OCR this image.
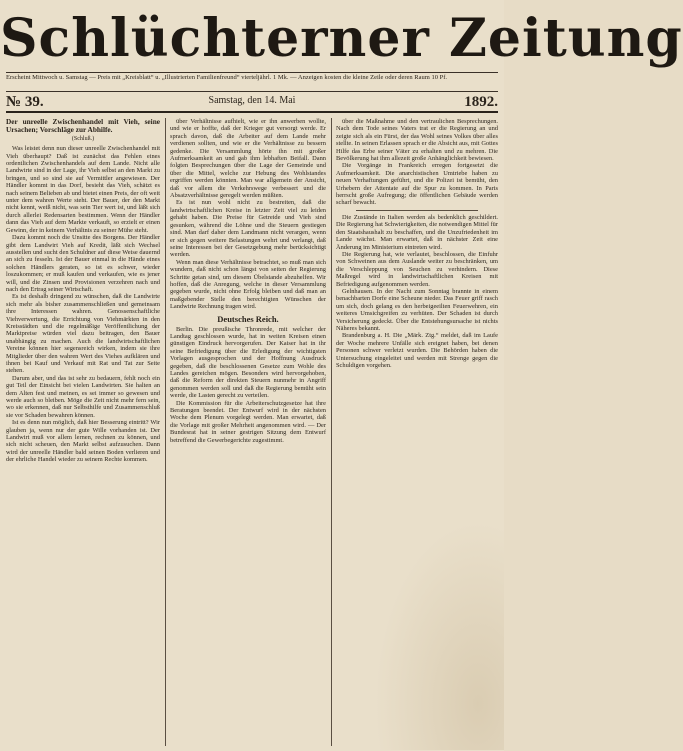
Schlüchterner Zeitung
Erscheint Mittwoch u. Samstag — Preis mit „Kreisblatt“ u. „Illustrierten Familienfreund“ vierteljährl. 1 Mk. — Anzeigen kosten die kleine Zeile oder deren Raum 10 Pf.
№ 39.	Samstag, den 14. Mai	1892.
Der unreelle Zwischenhandel mit Vieh, seine Ursachen; Vorschläge zur Abhilfe.
(Schluß.)

Was leistet denn nun dieser unreelle Zwischenhandel mit Vieh überhaupt? Daß ist zunächst das Fehlen eines ordentlichen Zwischenhandels auf dem Lande. Nicht alle Landwirte sind in der Lage, ihr Vieh selbst an den Markt zu bringen, und so sind sie auf Vermittler angewiesen. Der Händler kommt in das Dorf, besieht das Vieh, schätzt es nach seinem Belieben ab und bietet einen Preis, der oft weit unter dem wahren Werte steht. Der Bauer, der den Markt nicht kennt, weiß nicht, was sein Tier wert ist, und läßt sich durch allerlei Redensarten bestimmen. Wenn der Händler dann das Vieh auf dem Markte verkauft, so erzielt er einen Gewinn, der in keinem Verhältnis zu seiner Mühe steht.

Dazu kommt noch die Unsitte des Borgens. Der Händler gibt dem Landwirt Vieh auf Kredit, läßt sich Wechsel ausstellen und sucht den Schuldner auf diese Weise dauernd an sich zu fesseln. Ist der Bauer einmal in die Hände eines solchen Händlers geraten, so ist es schwer, wieder loszukommen; er muß kaufen und verkaufen, wie es jener will, und die Zinsen und Provisionen verzehren nach und nach den Ertrag seiner Wirtschaft.

Es ist deshalb dringend zu wünschen, daß die Landwirte sich mehr als bisher zusammenschließen und gemeinsam ihre Interessen wahren. Genossenschaftliche Viehverwertung, die Errichtung von Viehmärkten in den Kreisstädten und die regelmäßige Veröffentlichung der Marktpreise würden viel dazu beitragen, den Bauer unabhängig zu machen. Auch die landwirtschaftlichen Vereine können hier segensreich wirken, indem sie ihre Mitglieder über den wahren Wert des Viehes aufklären und ihnen bei Kauf und Verkauf mit Rat und Tat zur Seite stehen.

Darum aber, und das ist sehr zu bedauern, fehlt noch ein gut Teil der Einsicht bei vielen Landwirten. Sie halten an dem Alten fest und meinen, es sei immer so gewesen und werde auch so bleiben. Möge die Zeit nicht mehr fern sein, wo sie erkennen, daß nur Selbsthilfe und Zusammenschluß sie vor Schaden bewahren können.

Ist es denn nun möglich, daß hier Besserung eintritt? Wir glauben ja, wenn nur der gute Wille vorhanden ist. Der Landwirt muß vor allem lernen, rechnen zu können, und sich nicht scheuen, den Markt selbst aufzusuchen. Dann wird der unreelle Händler bald seinen Boden verlieren und der ehrliche Handel wieder zu seinem Rechte kommen.

über Verhältnisse aufhielt, wie er ihn anwerben wollte, und wie er hoffte, daß der Krieger gut versorgt werde. Er sprach davon, daß die Arbeiter auf dem Lande mehr verdienen sollten, und wie er die Verhältnisse zu bessern gedenke. Die Versammlung hörte ihn mit großer Aufmerksamkeit an und gab ihm lebhaften Beifall. Dann folgten Besprechungen über die Lage der Gemeinde und über die Mittel, welche zur Hebung des Wohlstandes ergriffen werden könnten. Man war allgemein der Ansicht, daß vor allem die Verkehrswege verbessert und die Absatzverhältnisse geregelt werden müßten.

Es ist nun wohl nicht zu bestreiten, daß die landwirtschaftlichen Kreise in letzter Zeit viel zu leiden gehabt haben. Die Preise für Getreide und Vieh sind gesunken, während die Löhne und die Steuern gestiegen sind. Man darf daher dem Landmann nicht verargen, wenn er sich gegen weitere Belastungen wehrt und verlangt, daß seine Interessen bei der Gesetzgebung mehr berücksichtigt werden.

Wenn man diese Verhältnisse betrachtet, so muß man sich wundern, daß nicht schon längst von seiten der Regierung Schritte getan sind, um diesem Übelstande abzuhelfen. Wir hoffen, daß die Anregung, welche in dieser Versammlung gegeben wurde, nicht ohne Erfolg bleiben und daß man an maßgebender Stelle den berechtigten Wünschen der Landwirte Rechnung tragen wird.

Deutsches Reich.

Berlin. Die preußische Thronrede, mit welcher der Landtag geschlossen wurde, hat in weiten Kreisen einen günstigen Eindruck hervorgerufen. Der Kaiser hat in ihr seine Befriedigung über die Erledigung der wichtigsten Vorlagen ausgesprochen und der Hoffnung Ausdruck gegeben, daß die beschlossenen Gesetze zum Wohle des Landes gereichen mögen. Besonders wird hervorgehoben, daß die Reform der direkten Steuern nunmehr in Angriff genommen werden soll und daß die Regierung bemüht sein werde, die Lasten gerecht zu verteilen.

Die Kommission für die Arbeiterschutzgesetze hat ihre Beratungen beendet. Der Entwurf wird in der nächsten Woche dem Plenum vorgelegt werden. Man erwartet, daß die Vorlage mit großer Mehrheit angenommen wird. — Der Bundesrat hat in seiner gestrigen Sitzung dem Entwurf betreffend die Gewerbegerichte zugestimmt.

über die Maßnahme und den vertraulichen Besprechungen. Nach dem Tode seines Vaters trat er die Regierung an und zeigte sich als ein Fürst, der das Wohl seines Volkes über alles stellte. In seinen Erlassen sprach er die Absicht aus, mit Gottes Hilfe das Erbe seiner Väter zu erhalten und zu mehren. Die Bevölkerung hat ihm allezeit große Anhänglichkeit bewiesen.

Die Vorgänge in Frankreich erregen fortgesetzt die Aufmerksamkeit. Die anarchistischen Umtriebe haben zu neuen Verhaftungen geführt, und die Polizei ist bemüht, den Urhebern der Attentate auf die Spur zu kommen. In Paris herrscht große Aufregung; die öffentlichen Gebäude werden scharf bewacht.

Die Zustände in Italien werden als bedenklich geschildert. Die Regierung hat Schwierigkeiten, die notwendigen Mittel für den Staatshaushalt zu beschaffen, und die Unzufriedenheit im Lande wächst. Man erwartet, daß in nächster Zeit eine Änderung im Ministerium eintreten wird.

Die Regierung hat, wie verlautet, beschlossen, die Einfuhr von Schweinen aus dem Auslande weiter zu beschränken, um die Verschleppung von Seuchen zu verhindern. Diese Maßregel wird in landwirtschaftlichen Kreisen mit Befriedigung aufgenommen werden.

Gelnhausen. In der Nacht zum Sonntag brannte in einem benachbarten Dorfe eine Scheune nieder. Das Feuer griff rasch um sich, doch gelang es den herbeigeeilten Feuerwehren, ein weiteres Umsichgreifen zu verhüten. Der Schaden ist durch Versicherung gedeckt. Über die Entstehungsursache ist nichts Näheres bekannt.

Brandenburg a. H. Die „Märk. Ztg.“ meldet, daß im Laufe der Woche mehrere Unfälle sich ereignet haben, bei denen Personen schwer verletzt wurden. Die Behörden haben die Untersuchung eingeleitet und werden mit Strenge gegen die Schuldigen vorgehen.
